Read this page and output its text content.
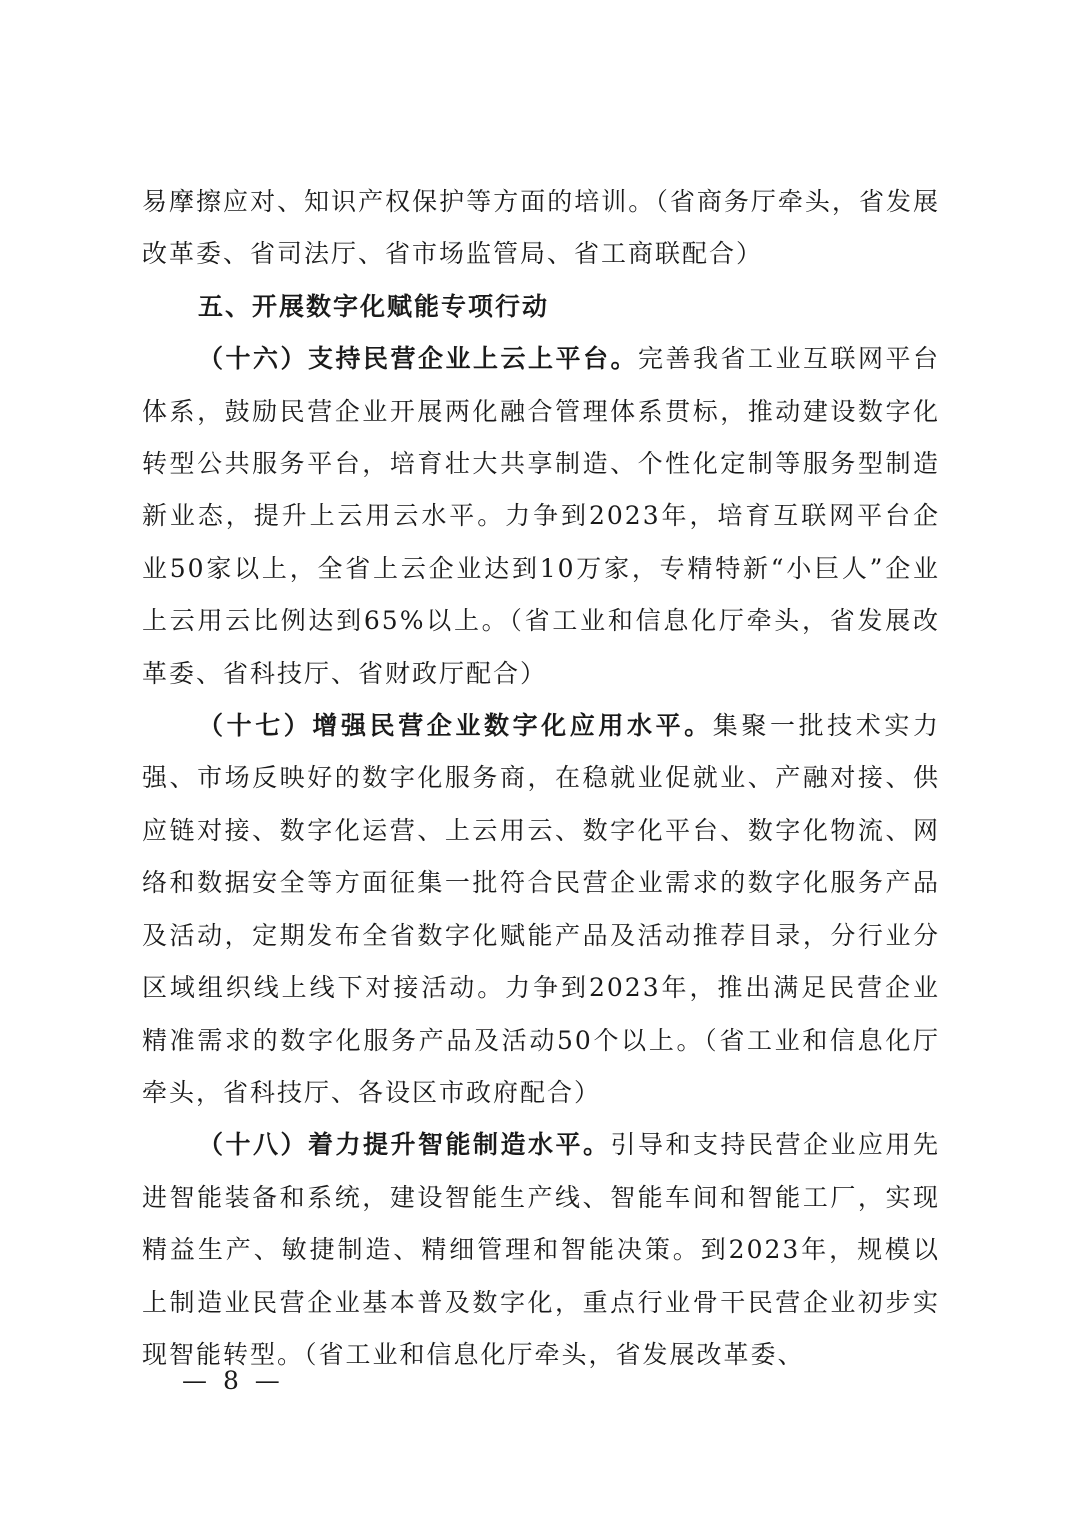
易摩擦应对、知识产权保护等方面的培训。（省商务厅牵头，省发展改革委、省司法厅、省市场监管局、省工商联配合）

五、开展数字化赋能专项行动

（十六）支持民营企业上云上平台。完善我省工业互联网平台体系，鼓励民营企业开展两化融合管理体系贯标，推动建设数字化转型公共服务平台，培育壮大共享制造、个性化定制等服务型制造新业态，提升上云用云水平。力争到2023年，培育互联网平台企业50家以上，全省上云企业达到10万家，专精特新“小巨人”企业上云用云比例达到65%以上。（省工业和信息化厅牵头，省发展改革委、省科技厅、省财政厅配合）

（十七）增强民营企业数字化应用水平。集聚一批技术实力强、市场反映好的数字化服务商，在稳就业促就业、产融对接、供应链对接、数字化运营、上云用云、数字化平台、数字化物流、网络和数据安全等方面征集一批符合民营企业需求的数字化服务产品及活动，定期发布全省数字化赋能产品及活动推荐目录，分行业分区域组织线上线下对接活动。力争到2023年，推出满足民营企业精准需求的数字化服务产品及活动50个以上。（省工业和信息化厅牵头，省科技厅、各设区市政府配合）

（十八）着力提升智能制造水平。引导和支持民营企业应用先进智能装备和系统，建设智能生产线、智能车间和智能工厂，实现精益生产、敏捷制造、精细管理和智能决策。到2023年，规模以上制造业民营企业基本普及数字化，重点行业骨干民营企业初步实现智能转型。（省工业和信息化厅牵头，省发展改革委、

— 8 —
